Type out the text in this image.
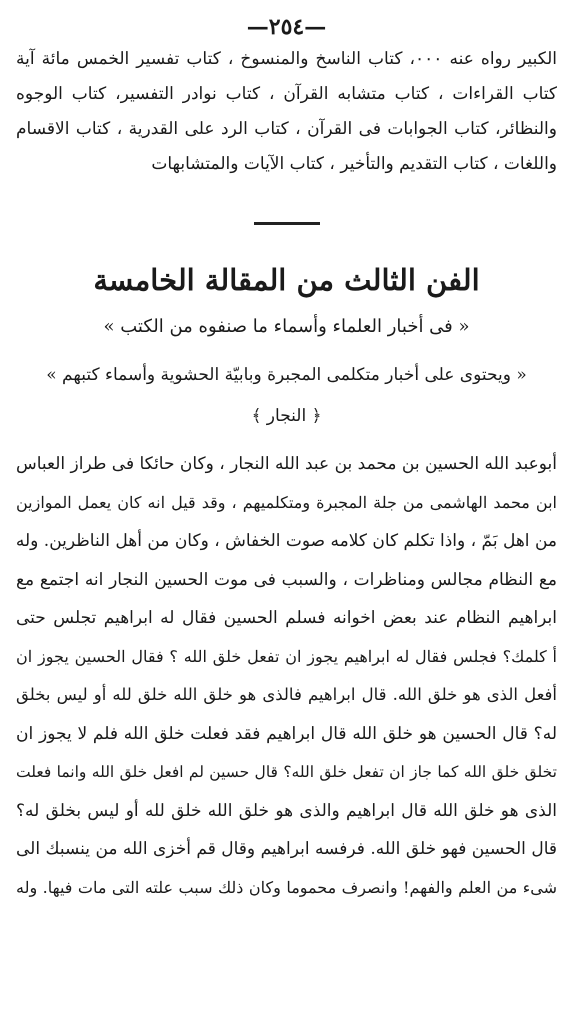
—٢٥٤—
الكبير رواه عنه ٠٠٠، كتاب الناسخ والمنسوخ ، كتاب تفسير الخمس مائة آية
كتاب القراءات ، كتاب متشابه القرآن ، كتاب نوادر التفسير، كتاب الوجوه
والنظائر، كتاب الجوابات فى القرآن ، كتاب الرد على القدرية ، كتاب الاقسام
واللغات ، كتاب التقديم والتأخير ، كتاب الآيات والمتشابهات
الفن الثالث من المقالة الخامسة
« فى أخبار العلماء وأسماء ما صنفوه من الكتب »
« ويحتوى على أخبار متكلمى المجبرة وبابيّة الحشوية وأسماء كتبهم »
﴿ النجار ﴾
أبوعبد الله الحسين بن محمد بن عبد الله النجار ، وكان حائكا فى طراز العباس
ابن محمد الهاشمى من جلة المجبرة ومتكلميهم ، وقد قيل انه كان يعمل الموازين
من اهل بَمّ ، واذا تكلم كان كلامه صوت الخفاش ، وكان من أهل الناظرين. وله
مع النظام مجالس ومناظرات ، والسبب فى موت الحسين النجار انه اجتمع مع
ابراهيم النظام عند بعض اخوانه فسلم الحسين فقال له ابراهيم تجلس حتى
أ كلمك؟ فجلس فقال له ابراهيم يجوز ان تفعل خلق الله ؟ فقال الحسين يجوز ان
أفعل الذى هو خلق الله. قال ابراهيم فالذى هو خلق الله خلق لله أو ليس بخلق
له؟ قال الحسين هو خلق الله قال ابراهيم فقد فعلت خلق الله فلم لا يجوز ان
تخلق خلق الله كما جاز ان تفعل خلق الله؟ قال حسين لم افعل خلق الله وانما فعلت
الذى هو خلق الله قال ابراهيم والذى هو خلق الله خلق لله أو ليس بخلق له؟
قال الحسين فهو خلق الله. فرفسه ابراهيم وقال قم أخزى الله من ينسبك الى
شىء من العلم والفهم! وانصرف محموما وكان ذلك سبب علته التى مات فيها. وله
